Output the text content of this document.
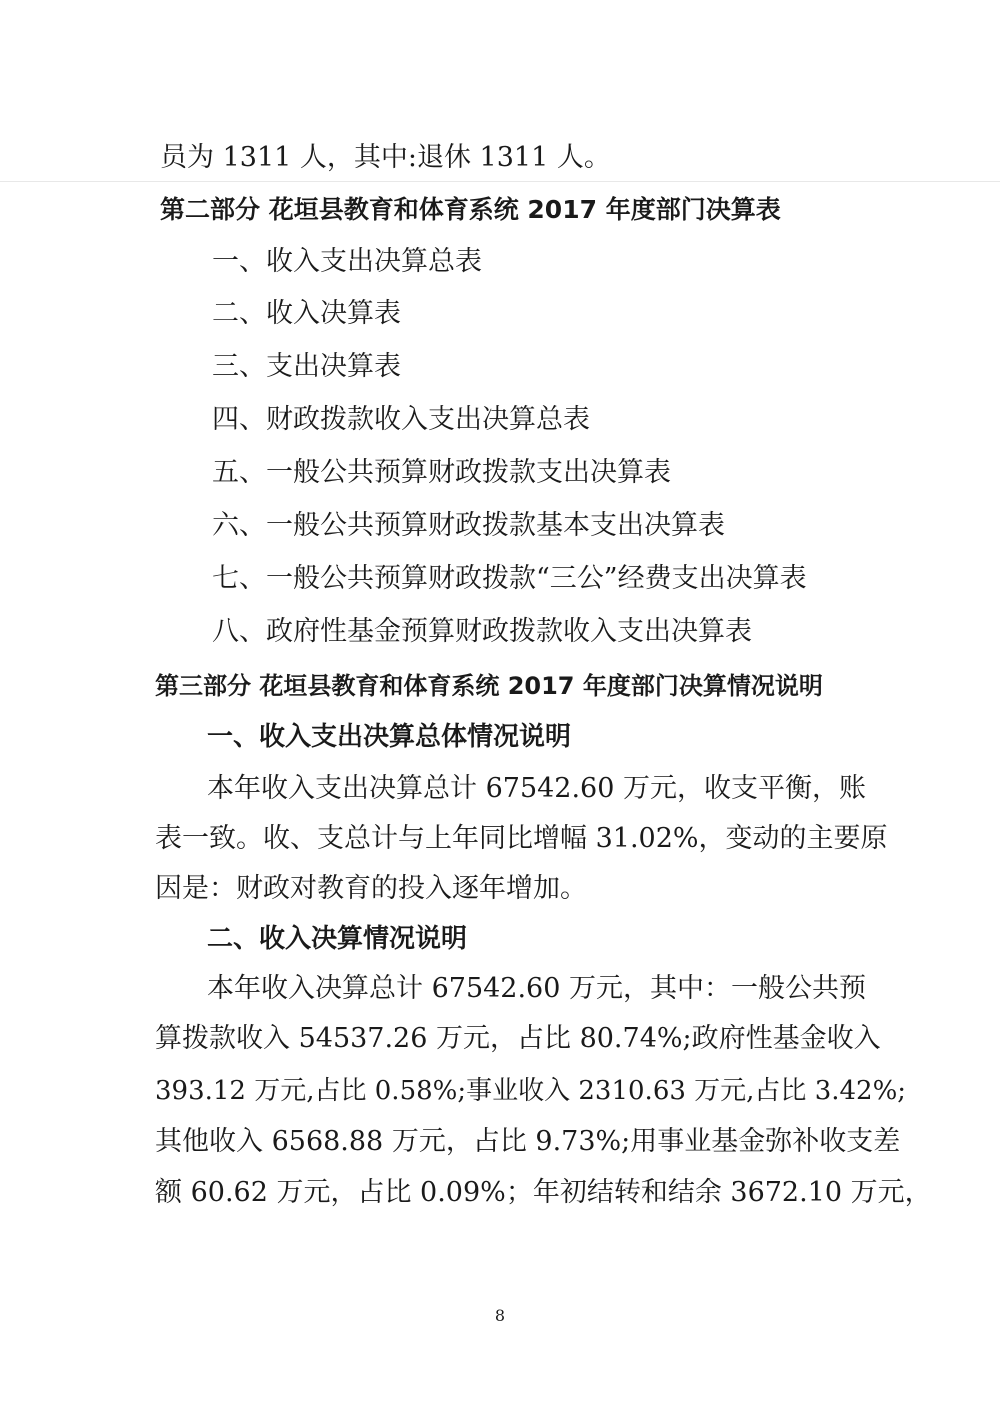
员为 1311 人，其中:退休 1311 人。
第二部分 花垣县教育和体育系统 2017 年度部门决算表
一、收入支出决算总表
二、收入决算表
三、支出决算表
四、财政拨款收入支出决算总表
五、一般公共预算财政拨款支出决算表
六、一般公共预算财政拨款基本支出决算表
七、一般公共预算财政拨款“三公”经费支出决算表
八、政府性基金预算财政拨款收入支出决算表
第三部分 花垣县教育和体育系统 2017 年度部门决算情况说明
一、收入支出决算总体情况说明
本年收入支出决算总计 67542.60 万元，收支平衡，账
表一致。收、支总计与上年同比增幅 31.02%，变动的主要原
因是：财政对教育的投入逐年增加。
二、收入决算情况说明
本年收入决算总计 67542.60 万元，其中：一般公共预
算拨款收入 54537.26 万元，占比 80.74%;政府性基金收入
393.12 万元,占比 0.58%;事业收入 2310.63 万元,占比 3.42%;
其他收入 6568.88 万元，占比 9.73%;用事业基金弥补收支差
额 60.62 万元，占比 0.09%；年初结转和结余 3672.10 万元，
8
